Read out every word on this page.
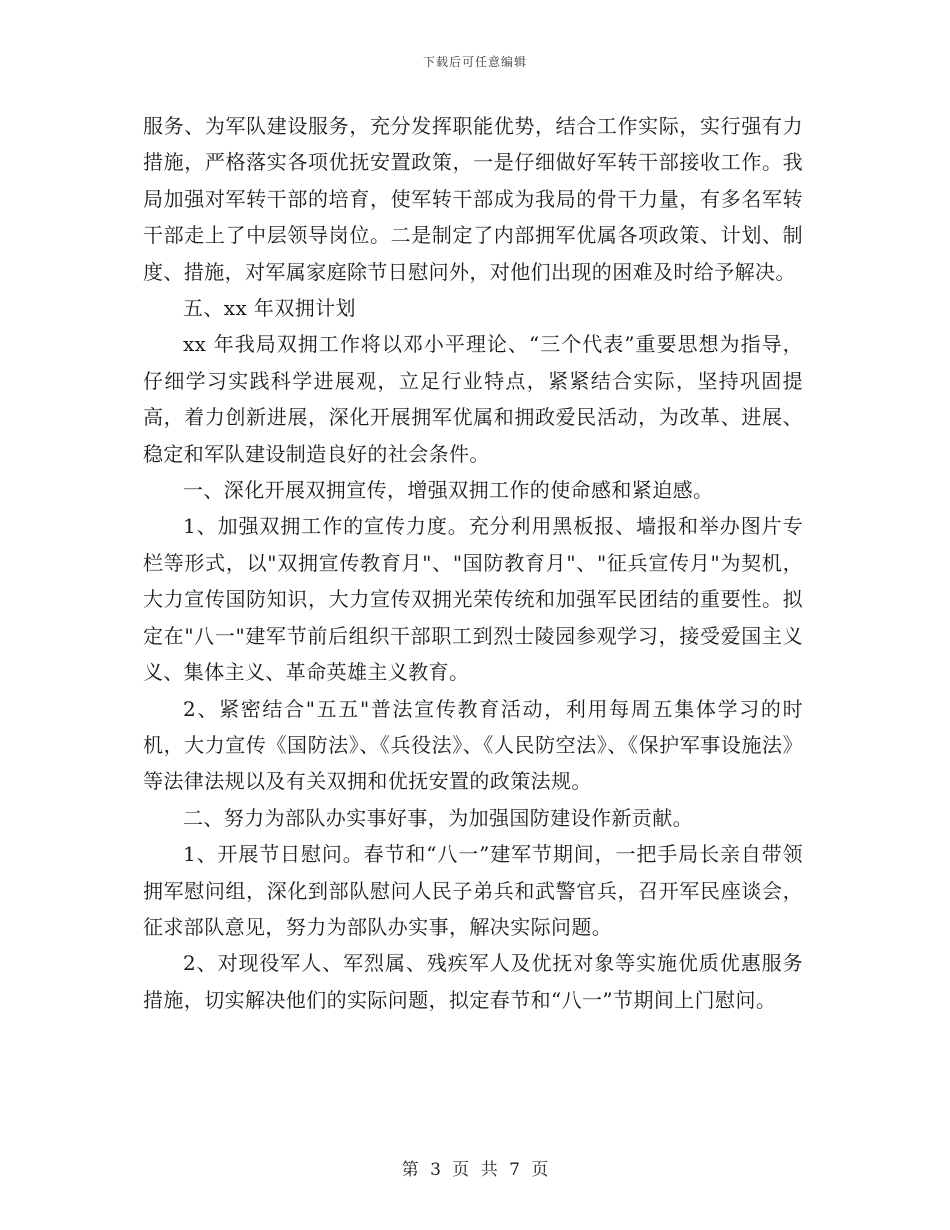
下载后可任意编辑

服务、为军队建设服务，充分发挥职能优势，结合工作实际，实行强有力措施，严格落实各项优抚安置政策，一是仔细做好军转干部接收工作。我局加强对军转干部的培育，使军转干部成为我局的骨干力量，有多名军转干部走上了中层领导岗位。二是制定了内部拥军优属各项政策、计划、制度、措施，对军属家庭除节日慰问外，对他们出现的困难及时给予解决。

五、xx 年双拥计划

xx 年我局双拥工作将以邓小平理论、“三个代表”重要思想为指导，仔细学习实践科学进展观，立足行业特点，紧紧结合实际，坚持巩固提高，着力创新进展，深化开展拥军优属和拥政爱民活动，为改革、进展、稳定和军队建设制造良好的社会条件。

一、深化开展双拥宣传，增强双拥工作的使命感和紧迫感。

1、加强双拥工作的宣传力度。充分利用黑板报、墙报和举办图片专栏等形式，以"双拥宣传教育月"、"国防教育月"、"征兵宣传月"为契机，大力宣传国防知识，大力宣传双拥光荣传统和加强军民团结的重要性。拟定在"八一"建军节前后组织干部职工到烈士陵园参观学习，接受爱国主义义、集体主义、革命英雄主义教育。

2、紧密结合"五五"普法宣传教育活动，利用每周五集体学习的时机，大力宣传《国防法》、《兵役法》、《人民防空法》、《保护军事设施法》等法律法规以及有关双拥和优抚安置的政策法规。

二、努力为部队办实事好事，为加强国防建设作新贡献。

1、开展节日慰问。春节和“八一”建军节期间，一把手局长亲自带领拥军慰问组，深化到部队慰问人民子弟兵和武警官兵，召开军民座谈会，征求部队意见，努力为部队办实事，解决实际问题。

2、对现役军人、军烈属、残疾军人及优抚对象等实施优质优惠服务措施，切实解决他们的实际问题，拟定春节和“八一”节期间上门慰问。

第 3 页 共 7 页
